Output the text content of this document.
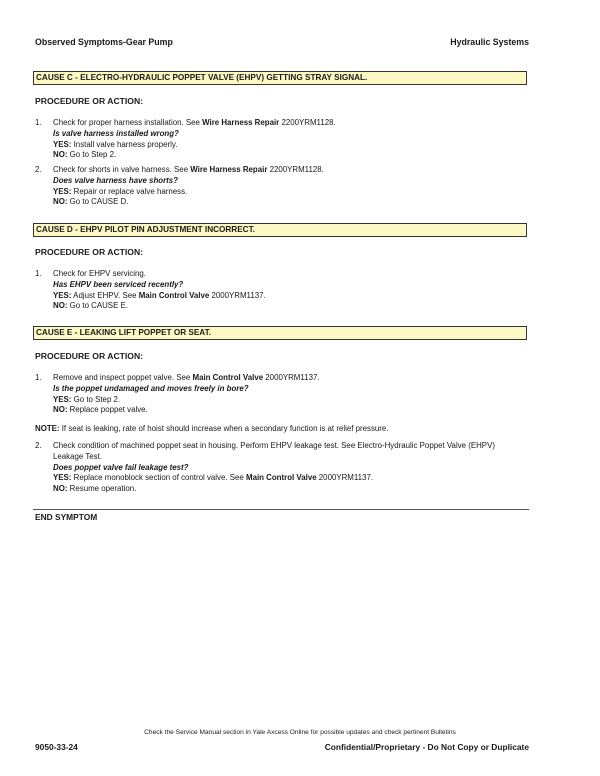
Observed Symptoms-Gear Pump	Hydraulic Systems
CAUSE C - ELECTRO-HYDRAULIC POPPET VALVE (EHPV) GETTING STRAY SIGNAL.
PROCEDURE OR ACTION:
1.	Check for proper harness installation. See Wire Harness Repair 2200YRM1128.
Is valve harness installed wrong?
YES: Install valve harness properly.
NO: Go to Step 2.
2.	Check for shorts in valve harness. See Wire Harness Repair 2200YRM1128.
Does valve harness have shorts?
YES: Repair or replace valve harness.
NO: Go to CAUSE D.
CAUSE D - EHPV PILOT PIN ADJUSTMENT INCORRECT.
PROCEDURE OR ACTION:
1.	Check for EHPV servicing.
Has EHPV been serviced recently?
YES: Adjust EHPV. See Main Control Valve 2000YRM1137.
NO: Go to CAUSE E.
CAUSE E - LEAKING LIFT POPPET OR SEAT.
PROCEDURE OR ACTION:
1.	Remove and inspect poppet valve. See Main Control Valve 2000YRM1137.
Is the poppet undamaged and moves freely in bore?
YES: Go to Step 2.
NO: Replace poppet valve.
NOTE: If seat is leaking, rate of hoist should increase when a secondary function is at relief pressure.
2.	Check condition of machined poppet seat in housing. Perform EHPV leakage test. See Electro-Hydraulic Poppet Valve (EHPV) Leakage Test.
Does poppet valve fail leakage test?
YES: Replace monoblock section of control valve. See Main Control Valve 2000YRM1137.
NO: Resume operation.
END SYMPTOM
Check the Service Manual section in Yale Axcess Online for possible updates and check pertinent Bulletins
9050-33-24	Confidential/Proprietary - Do Not Copy or Duplicate
